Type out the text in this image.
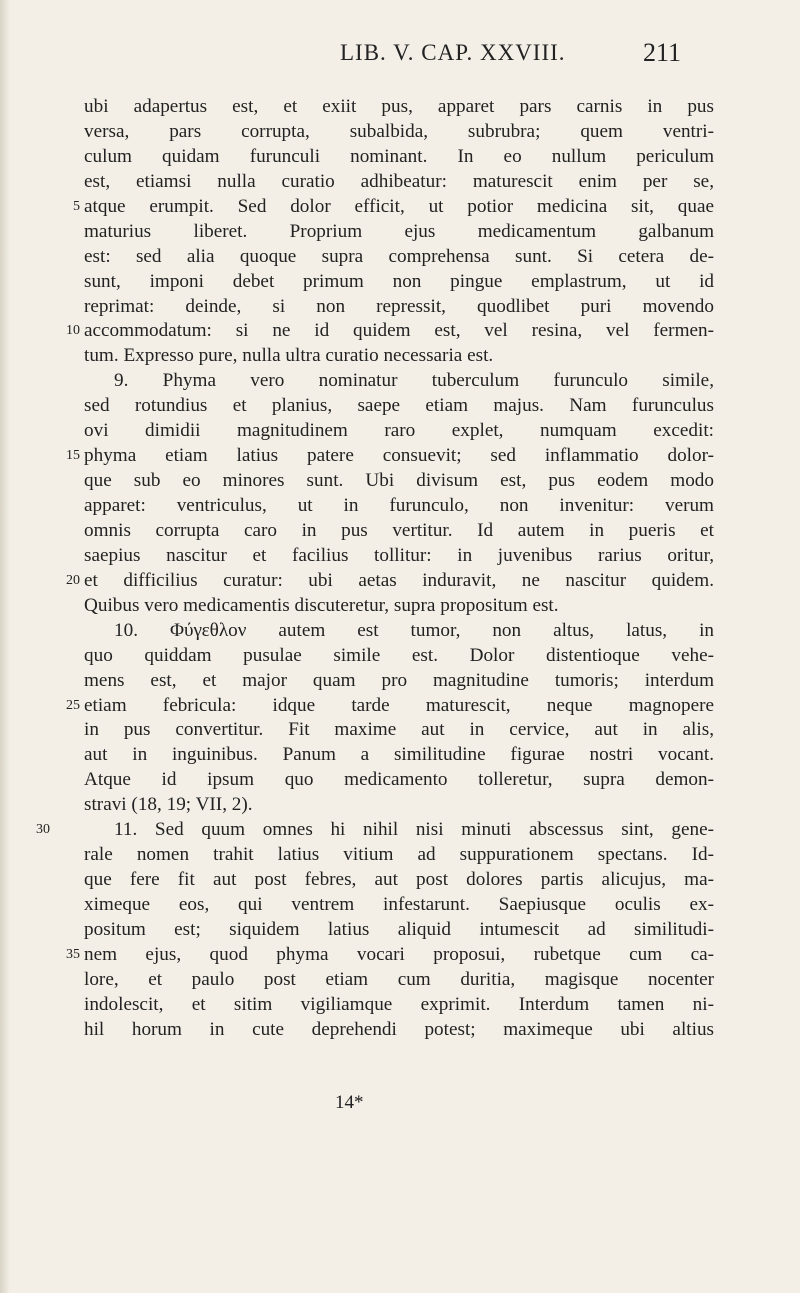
LIB. V. CAP. XXVIII.	211
ubi adapertus est, et exiit pus, apparet pars carnis in pus
versa, pars corrupta, subalbida, subrubra; quem ventri-
culum quidam furunculi nominant. In eo nullum periculum
est, etiamsi nulla curatio adhibeatur: maturescit enim per se,
5 atque erumpit. Sed dolor efficit, ut potior medicina sit, quae
maturius liberet. Proprium ejus medicamentum galbanum
est: sed alia quoque supra comprehensa sunt. Si cetera de-
sunt, imponi debet primum non pingue emplastrum, ut id
reprimat: deinde, si non repressit, quodlibet puri movendo
10 accommodatum: si ne id quidem est, vel resina, vel fermen-
tum. Expresso pure, nulla ultra curatio necessaria est.
9. Phyma vero nominatur tuberculum furunculo simile,
sed rotundius et planius, saepe etiam majus. Nam furunculus
ovi dimidii magnitudinem raro explet, numquam excedit:
15 phyma etiam latius patere consuevit; sed inflammatio dolor-
que sub eo minores sunt. Ubi divisum est, pus eodem modo
apparet: ventriculus, ut in furunculo, non invenitur: verum
omnis corrupta caro in pus vertitur. Id autem in pueris et
saepius nascitur et facilius tollitur: in juvenibus rarius oritur,
20 et difficilius curatur: ubi aetas induravit, ne nascitur quidem.
Quibus vero medicamentis discuteretur, supra propositum est.
10. Φύγεθλον autem est tumor, non altus, latus, in
quo quiddam pusulae simile est. Dolor distentioque vehe-
mens est, et major quam pro magnitudine tumoris; interdum
25 etiam febricula: idque tarde maturescit, neque magnopere
in pus convertitur. Fit maxime aut in cervice, aut in alis,
aut in inguinibus. Panum a similitudine figurae nostri vocant.
Atque id ipsum quo medicamento tolleretur, supra demon-
stravi (18, 19; VII, 2).
30	11. Sed quum omnes hi nihil nisi minuti abscessus sint, gene-
rale nomen trahit latius vitium ad suppurationem spectans. Id-
que fere fit aut post febres, aut post dolores partis alicujus, ma-
ximeque eos, qui ventrem infestarunt. Saepiusque oculis ex-
positum est; siquidem latius aliquid intumescit ad similitudi-
35 nem ejus, quod phyma vocari proposui, rubetque cum ca-
lore, et paulo post etiam cum duritia, magisque nocenter
indolescit, et sitim vigiliamque exprimit. Interdum tamen ni-
hil horum in cute deprehendi potest; maximeque ubi altius
14*
